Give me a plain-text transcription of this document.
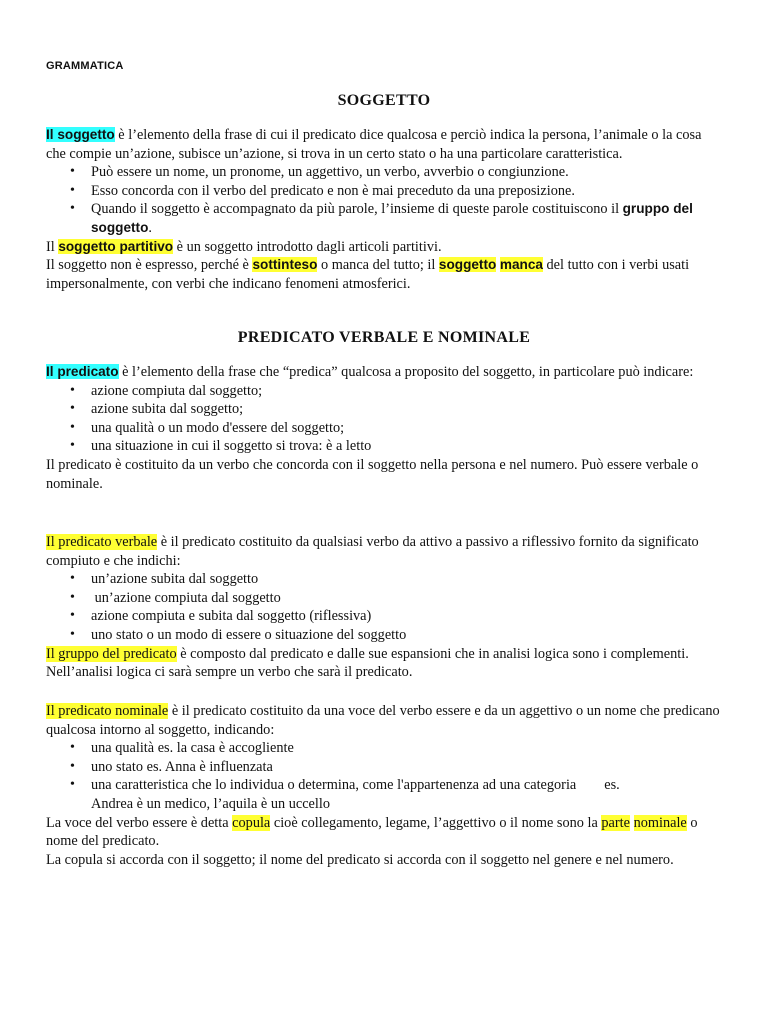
GRAMMATICA
SOGGETTO

Il soggetto è l’elemento della frase di cui il predicato dice qualcosa e perciò indica la persona, l’animale o la cosa che compie un’azione, subisce un’azione, si trova in un certo stato o ha una particolare caratteristica.

• Può essere un nome, un pronome, un aggettivo, un verbo, avverbio o congiunzione.
• Esso concorda con il verbo del predicato e non è mai preceduto da una preposizione.
• Quando il soggetto è accompagnato da più parole, l’insieme di queste parole costituiscono il gruppo del soggetto.

Il soggetto partitivo è un soggetto introdotto dagli articoli partitivi.

Il soggetto non è espresso, perché è sottinteso o manca del tutto; il soggetto manca del tutto con i verbi usati impersonalmente, con verbi che indicano fenomeni atmosferici.

PREDICATO VERBALE E NOMINALE

Il predicato è l’elemento della frase che “predica” qualcosa a proposito del soggetto, in particolare può indicare:

• azione compiuta dal soggetto;
• azione subita dal soggetto;
• una qualità o un modo d'essere del soggetto;
• una situazione in cui il soggetto si trova: è a letto

Il predicato è costituito da un verbo che concorda con il soggetto nella persona e nel numero. Può essere verbale o nominale.

Il predicato verbale è il predicato costituito da qualsiasi verbo da attivo a passivo a riflessivo fornito da significato compiuto e che indichi:

• un’azione subita dal soggetto
•  un’azione compiuta dal soggetto
• azione compiuta e subita dal soggetto (riflessiva)
• uno stato o un modo di essere o situazione del soggetto

Il gruppo del predicato è composto dal predicato e dalle sue espansioni che in analisi logica sono i complementi. Nell’analisi logica ci sarà sempre un verbo che sarà il predicato.

Il predicato nominale è il predicato costituito da una voce del verbo essere e da un aggettivo o un nome che predicano qualcosa intorno al soggetto, indicando:

• una qualità es. la casa è accogliente
• uno stato es. Anna è influenzata
• una caratteristica che lo individua o determina, come l'appartenenza ad una categoria es.
Andrea è un medico, l’aquila è un uccello

La voce del verbo essere è detta copula cioè collegamento, legame, l’aggettivo o il nome sono la parte nominale o nome del predicato.

La copula si accorda con il soggetto; il nome del predicato si accorda con il soggetto nel genere e nel numero.
